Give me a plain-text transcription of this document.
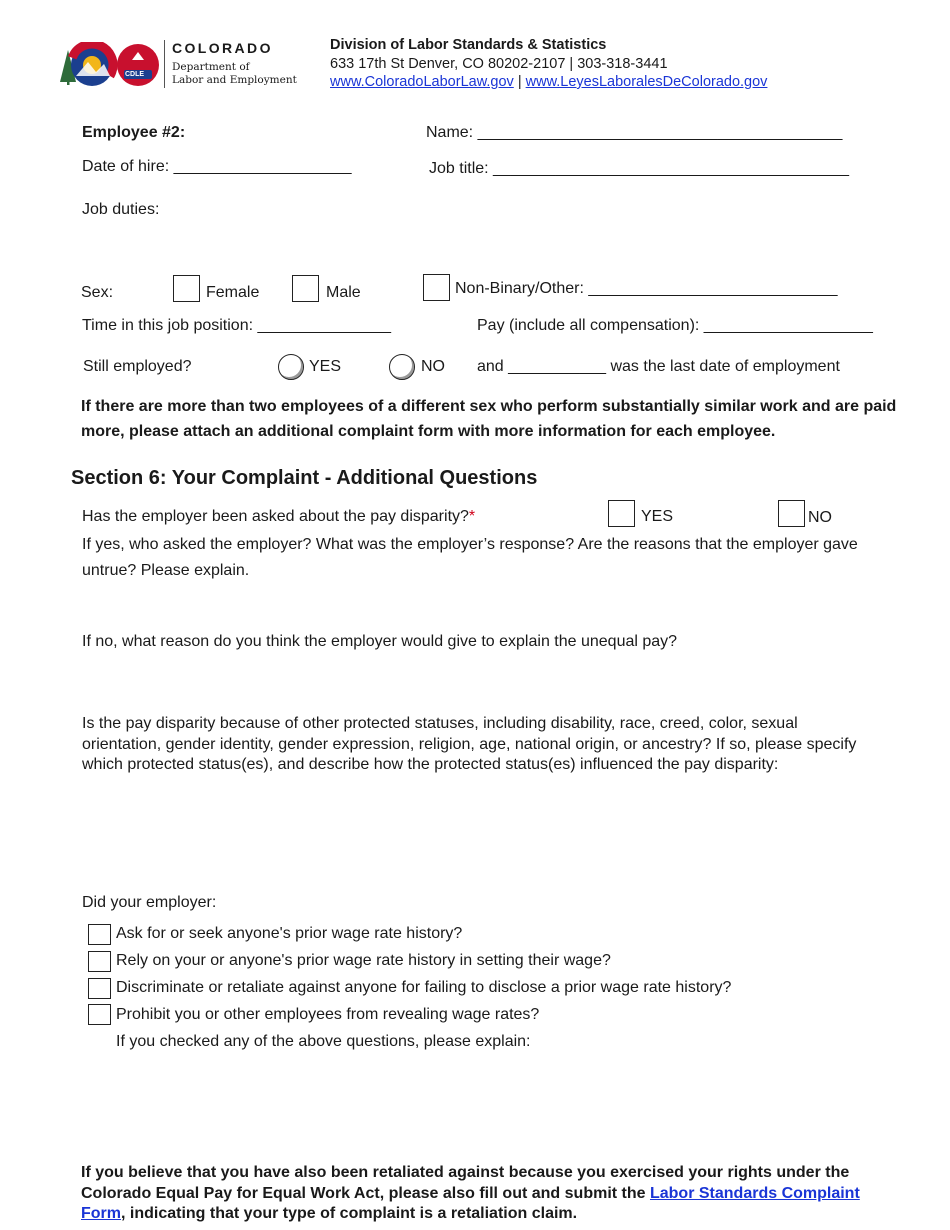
CDLE
COLORADO
Department of
Labor and Employment
Division of Labor Standards & Statistics
633 17th St Denver, CO 80202-2107 | 303-318-3441
www.ColoradoLaborLaw.gov | www.LeyesLaboralesDeColorado.gov
Employee #2:	Name: _________________________________________
Date of hire: ____________________	Job title: ________________________________________
Job duties:
Sex:	Female	Male	Non-Binary/Other: ____________________________
Time in this job position: _______________	Pay (include all compensation): ___________________
Still employed?	YES	NO and ___________ was the last date of employment
If there are more than two employees of a different sex who perform substantially similar work and are paid more, please attach an additional complaint form with more information for each employee.
Section 6: Your Complaint - Additional Questions
Has the employer been asked about the pay disparity?*	YES	NO
If yes, who asked the employer? What was the employer’s response? Are the reasons that the employer gave untrue? Please explain.
If no, what reason do you think the employer would give to explain the unequal pay?
Is the pay disparity because of other protected statuses, including disability, race, creed, color, sexual orientation, gender identity, gender expression, religion, age, national origin, or ancestry? If so, please specify which protected status(es), and describe how the protected status(es) influenced the pay disparity:
Did your employer:
Ask for or seek anyone's prior wage rate history?
Rely on your or anyone's prior wage rate history in setting their wage?
Discriminate or retaliate against anyone for failing to disclose a prior wage rate history?
Prohibit you or other employees from revealing wage rates?
If you checked any of the above questions, please explain:
If you believe that you have also been retaliated against because you exercised your rights under the Colorado Equal Pay for Equal Work Act, please also fill out and submit the Labor Standards Complaint Form, indicating that your type of complaint is a retaliation claim.
